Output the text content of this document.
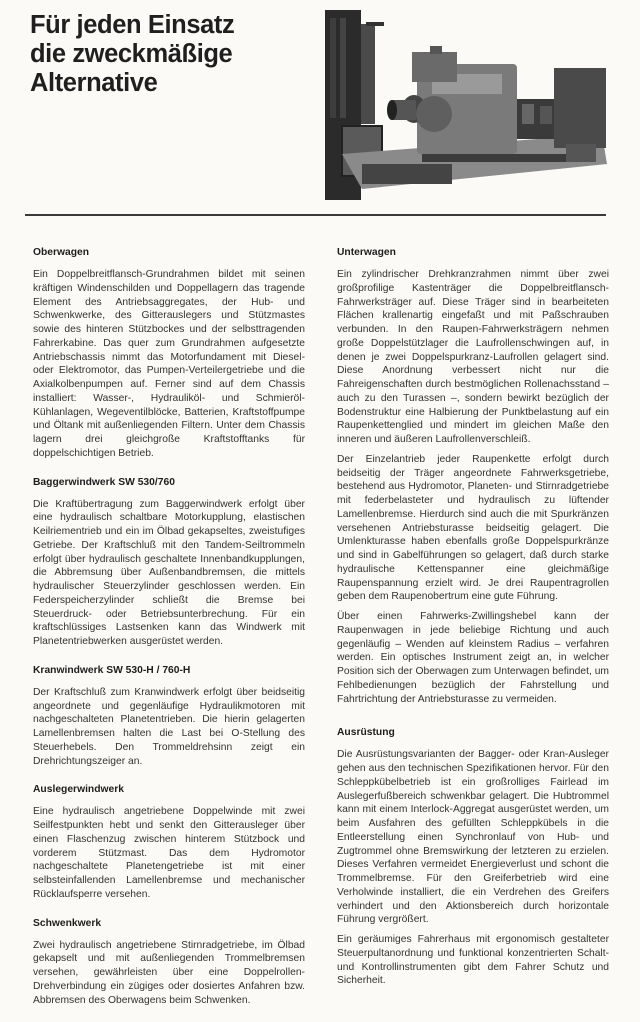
Für jeden Einsatz
die zweckmäßige
Alternative
Oberwagen

Ein Doppelbreitflansch-Grundrahmen bildet mit seinen kräftigen Windenschilden und Doppellagern das tragende Element des Antriebsaggregates, der Hub- und Schwenkwerke, des Gitterauslegers und Stützmastes sowie des hinteren Stützbockes und der selbsttragenden Fahrerkabine. Das quer zum Grundrahmen aufgesetzte Antriebschassis nimmt das Motorfundament mit Diesel- oder Elektromotor, das Pumpen-Verteilergetriebe und die Axialkolbenpumpen auf. Ferner sind auf dem Chassis installiert: Wasser-, Hydrauliköl- und Schmieröl-Kühlanlagen, Wegeventilblöcke, Batterien, Kraftstoffpumpe und Öltank mit außenliegenden Filtern. Unter dem Chassis lagern drei gleichgroße Kraftstofftanks für doppelschichtigen Betrieb.

Baggerwindwerk SW 530/760

Die Kraftübertragung zum Baggerwindwerk erfolgt über eine hydraulisch schaltbare Motorkupplung, elastischen Keilriementrieb und ein im Ölbad gekapseltes, zweistufiges Getriebe. Der Kraftschluß mit den Tandem-Seiltrommeln erfolgt über hydraulisch geschaltete Innenbandkupplungen, die Abbremsung über Außenbandbremsen, die mittels hydraulischer Steuerzylinder geschlossen werden. Ein Federspeicherzylinder schließt die Bremse bei Steuerdruck- oder Betriebsunterbrechung. Für ein kraftschlüssiges Lastsenken kann das Windwerk mit Planetentriebwerken ausgerüstet werden.

Kranwindwerk SW 530-H / 760-H

Der Kraftschluß zum Kranwindwerk erfolgt über beidseitig angeordnete und gegenläufige Hydraulikmotoren mit nachgeschalteten Planetentrieben. Die hierin gelagerten Lamellenbremsen halten die Last bei O-Stellung des Steuerhebels. Den Trommeldrehsinn zeigt ein Drehrichtungszeiger an.

Auslegerwindwerk

Eine hydraulisch angetriebene Doppelwinde mit zwei Seilfestpunkten hebt und senkt den Gitterausleger über einen Flaschenzug zwischen hinterem Stützbock und vorderem Stützmast. Das dem Hydromotor nachgeschaltete Planetengetriebe ist mit einer selbsteinfallenden Lamellenbremse und mechanischer Rücklaufsperre versehen.

Schwenkwerk

Zwei hydraulisch angetriebene Stirnradgetriebe, im Ölbad gekapselt und mit außenliegenden Trommelbremsen versehen, gewährleisten über eine Doppelrollen-Drehverbindung ein zügiges oder dosiertes Anfahren bzw. Abbremsen des Oberwagens beim Schwenken.

Unterwagen

Ein zylindrischer Drehkranzrahmen nimmt über zwei großprofilige Kastenträger die Doppelbreitflansch-Fahrwerksträger auf. Diese Träger sind in bearbeiteten Flächen krallenartig eingefaßt und mit Paßschrauben verbunden. In den Raupen-Fahrwerksträgern nehmen große Doppelstützlager die Laufrollenschwingen auf, in denen je zwei Doppelspurkranz-Laufrollen gelagert sind. Diese Anordnung verbessert nicht nur die Fahreigenschaften durch bestmöglichen Rollenachsstand – auch zu den Turassen –, sondern bewirkt bezüglich der Bodenstruktur eine Halbierung der Punktbelastung auf ein Raupenkettenglied und mindert im gleichen Maße den inneren und äußeren Laufrollenverschleiß.

Der Einzelantrieb jeder Raupenkette erfolgt durch beidseitig der Träger angeordnete Fahrwerksgetriebe, bestehend aus Hydromotor, Planeten- und Stirnradgetriebe mit federbelasteter und hydraulisch zu lüftender Lamellenbremse. Hierdurch sind auch die mit Spurkränzen versehenen Antriebsturasse beidseitig gelagert. Die Umlenkturasse haben ebenfalls große Doppelspurkränze und sind in Gabelführungen so gelagert, daß durch starke hydraulische Kettenspanner eine gleichmäßige Raupenspannung erzielt wird. Je drei Raupentragrollen geben dem Raupenobertrum eine gute Führung.

Über einen Fahrwerks-Zwillingshebel kann der Raupenwagen in jede beliebige Richtung und auch gegenläufig – Wenden auf kleinstem Radius – verfahren werden. Ein optisches Instrument zeigt an, in welcher Position sich der Oberwagen zum Unterwagen befindet, um Fehlbedienungen bezüglich der Fahrstellung und Fahrtrichtung der Antriebsturasse zu vermeiden.

Ausrüstung

Die Ausrüstungsvarianten der Bagger- oder Kran-Ausleger gehen aus den technischen Spezifikationen hervor. Für den Schleppkübelbetrieb ist ein großrolliges Fairlead im Auslegerfußbereich schwenkbar gelagert. Die Hubtrommel kann mit einem Interlock-Aggregat ausgerüstet werden, um beim Ausfahren des gefüllten Schleppkübels in die Entleerstellung einen Synchronlauf von Hub- und Zugtrommel ohne Bremswirkung der letzteren zu erzielen. Dieses Verfahren vermeidet Energieverlust und schont die Trommelbremse. Für den Greiferbetrieb wird eine Verholwinde installiert, die ein Verdrehen des Greifers verhindert und den Aktionsbereich durch horizontale Führung vergrößert.

Ein geräumiges Fahrerhaus mit ergonomisch gestalteter Steuerpultanordnung und funktional konzentrierten Schalt- und Kontrollinstrumenten gibt dem Fahrer Schutz und Sicherheit.
